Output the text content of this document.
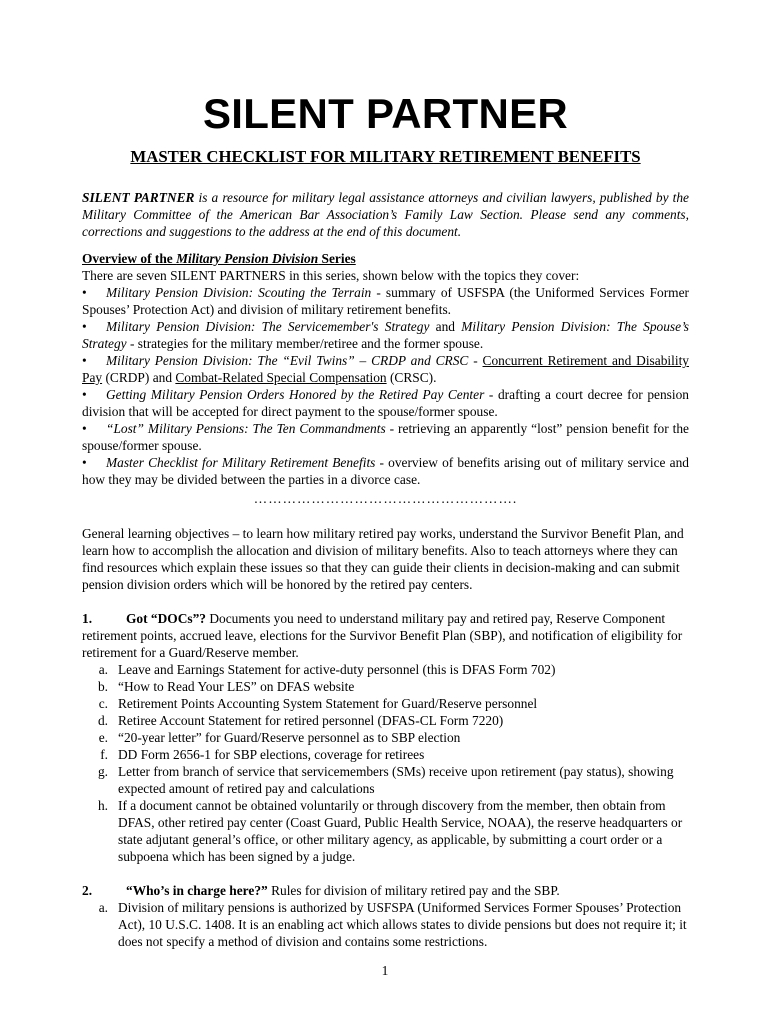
SILENT PARTNER
MASTER CHECKLIST FOR MILITARY RETIREMENT BENEFITS

SILENT PARTNER is a resource for military legal assistance attorneys and civilian lawyers, published by the Military Committee of the American Bar Association’s Family Law Section. Please send any comments, corrections and suggestions to the address at the end of this document.

Overview of the Military Pension Division Series

There are seven SILENT PARTNERS in this series, shown below with the topics they cover:

• Military Pension Division: Scouting the Terrain - summary of USFSPA (the Uniformed Services Former Spouses’ Protection Act) and division of military retirement benefits.
• Military Pension Division: The Servicemember's Strategy and Military Pension Division: The Spouse’s Strategy - strategies for the military member/retiree and the former spouse.
• Military Pension Division: The “Evil Twins” – CRDP and CRSC - Concurrent Retirement and Disability Pay (CRDP) and Combat-Related Special Compensation (CRSC).
• Getting Military Pension Orders Honored by the Retired Pay Center - drafting a court decree for pension division that will be accepted for direct payment to the spouse/former spouse.
• “Lost” Military Pensions: The Ten Commandments - retrieving an apparently “lost” pension benefit for the spouse/former spouse.
• Master Checklist for Military Retirement Benefits - overview of benefits arising out of military service and how they may be divided between the parties in a divorce case.

……………………………………………….

General learning objectives – to learn how military retired pay works, understand the Survivor Benefit Plan, and learn how to accomplish the allocation and division of military benefits. Also to teach attorneys where they can find resources which explain these issues so that they can guide their clients in decision-making and can submit pension division orders which will be honored by the retired pay centers.

1.	Got “DOCs”? Documents you need to understand military pay and retired pay, Reserve Component retirement points, accrued leave, elections for the Survivor Benefit Plan (SBP), and notification of eligibility for retirement for a Guard/Reserve member.

a. Leave and Earnings Statement for active-duty personnel (this is DFAS Form 702)
b. “How to Read Your LES” on DFAS website
c. Retirement Points Accounting System Statement for Guard/Reserve personnel
d. Retiree Account Statement for retired personnel (DFAS-CL Form 7220)
e. “20-year letter” for Guard/Reserve personnel as to SBP election
f. DD Form 2656-1 for SBP elections, coverage for retirees
g. Letter from branch of service that servicemembers (SMs) receive upon retirement (pay status), showing expected amount of retired pay and calculations
h. If a document cannot be obtained voluntarily or through discovery from the member, then obtain from DFAS, other retired pay center (Coast Guard, Public Health Service, NOAA), the reserve headquarters or state adjutant general’s office, or other military agency, as applicable, by submitting a court order or a subpoena which has been signed by a judge.

2.	“Who’s in charge here?” Rules for division of military retired pay and the SBP.

a. Division of military pensions is authorized by USFSPA (Uniformed Services Former Spouses’ Protection Act), 10 U.S.C. 1408. It is an enabling act which allows states to divide pensions but does not require it; it does not specify a method of division and contains some restrictions.
1
